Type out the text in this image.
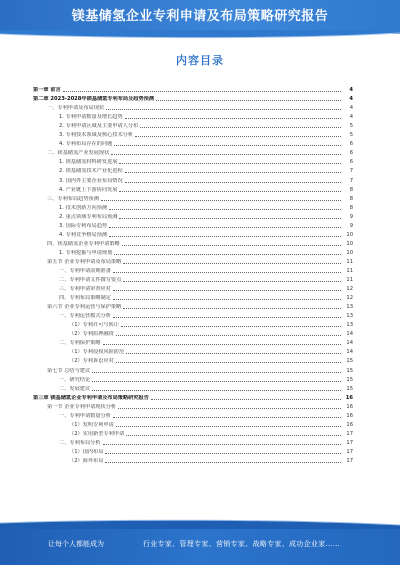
镁基储氢企业专利申请及布局策略研究报告
内容目录
第一章 前言	4
第二章 2023-2028年镁基储氢专利布局及趋势预测	4
一、专利申请及布局现状	4
1. 专利申请数量及增长趋势	4
2. 专利申请区域及主要申请人分布	5
3. 专利技术领域及核心技术分析	5
4. 专利布局存在的问题	6
二、镁基储氢产业发展现状	6
1. 镁基储氢材料研发进展	6
2. 镁基储氢技术产业化进程	7
3. 国内外主要企业布局情况	7
4. 产业链上下游协同发展	8
三、专利布局趋势预测	8
1. 技术创新方向预测	8
2. 重点领域专利布局预测	9
3. 国际专利布局趋势	9
4. 专利竞争格局预测	10
四、镁基储氢企业专利申请策略	10
1. 专利挖掘与申请规划	10
第五节 企业专利申请及布局策略	11
一、专利申请前期准备	11
二、专利申请文件撰写要点	11
三、专利申请审查应对	12
四、专利布局策略制定	12
第六节 企业专利运营与保护策略	13
一、专利运营模式分析	13
（1）专利许可与转让	13
（2）专利质押融资	14
二、专利保护策略	14
（1）专利侵权风险防范	14
（2）专利诉讼应对	15
第七节 总结与建议	15
一、研究结论	15
二、发展建议	15
第三章 镁基储氢企业专利申请及布局策略研究报告	16
第一节 企业专利申请现状分析	16
一、专利申请数量分析	16
（1）发明专利申请	16
（2）实用新型专利申请	17
二、专利布局分析	17
（1）国内布局	17
（2）海外布局	17
让每个人都能成为	行业专家、管理专家、营销专家、战略专家、成功企业家……
